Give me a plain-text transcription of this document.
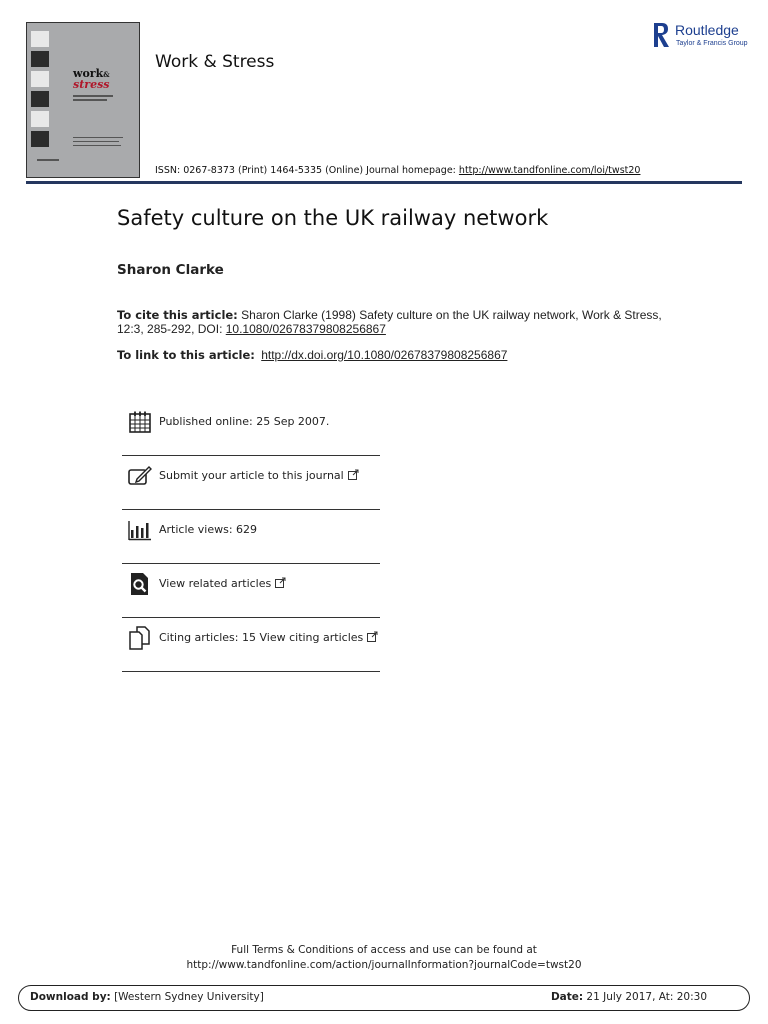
work&
stress
Work & Stress
ISSN: 0267-8373 (Print) 1464-5335 (Online) Journal homepage: http://www.tandfonline.com/loi/twst20
Routledge
Taylor & Francis Group
Safety culture on the UK railway network
Sharon Clarke
To cite this article: Sharon Clarke (1998) Safety culture on the UK railway network, Work & Stress, 12:3, 285-292, DOI: 10.1080/02678379808256867
To link to this article: http://dx.doi.org/10.1080/02678379808256867
Published online: 25 Sep 2007.
Submit your article to this journal
Article views: 629
View related articles
Citing articles: 15 View citing articles
Full Terms & Conditions of access and use can be found at
http://www.tandfonline.com/action/journalInformation?journalCode=twst20
Download by: [Western Sydney University]	Date: 21 July 2017, At: 20:30
